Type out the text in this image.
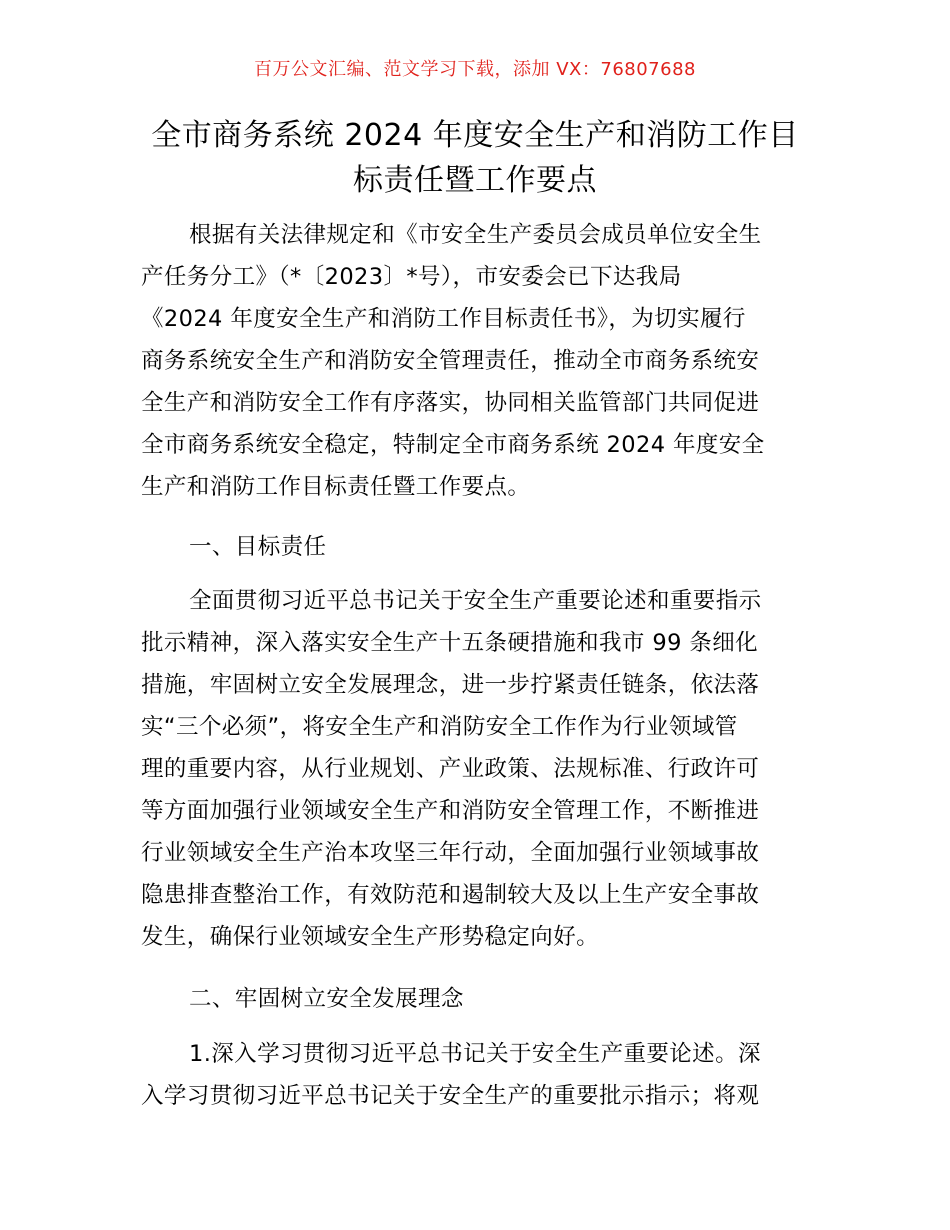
百万公文汇编、范文学习下载，添加 VX：76807688
全市商务系统 2024 年度安全生产和消防工作目
标责任暨工作要点
根据有关法律规定和《市安全生产委员会成员单位安全生
产任务分工》（*〔2023〕*号），市安委会已下达我局
《2024 年度安全生产和消防工作目标责任书》，为切实履行
商务系统安全生产和消防安全管理责任，推动全市商务系统安
全生产和消防安全工作有序落实，协同相关监管部门共同促进
全市商务系统安全稳定，特制定全市商务系统 2024 年度安全
生产和消防工作目标责任暨工作要点。
一、目标责任
全面贯彻习近平总书记关于安全生产重要论述和重要指示
批示精神，深入落实安全生产十五条硬措施和我市 99 条细化
措施，牢固树立安全发展理念，进一步拧紧责任链条，依法落
实“三个必须”，将安全生产和消防安全工作作为行业领域管
理的重要内容，从行业规划、产业政策、法规标准、行政许可
等方面加强行业领域安全生产和消防安全管理工作，不断推进
行业领域安全生产治本攻坚三年行动，全面加强行业领域事故
隐患排查整治工作，有效防范和遏制较大及以上生产安全事故
发生，确保行业领域安全生产形势稳定向好。
二、牢固树立安全发展理念
1.深入学习贯彻习近平总书记关于安全生产重要论述。深
入学习贯彻习近平总书记关于安全生产的重要批示指示；将观
